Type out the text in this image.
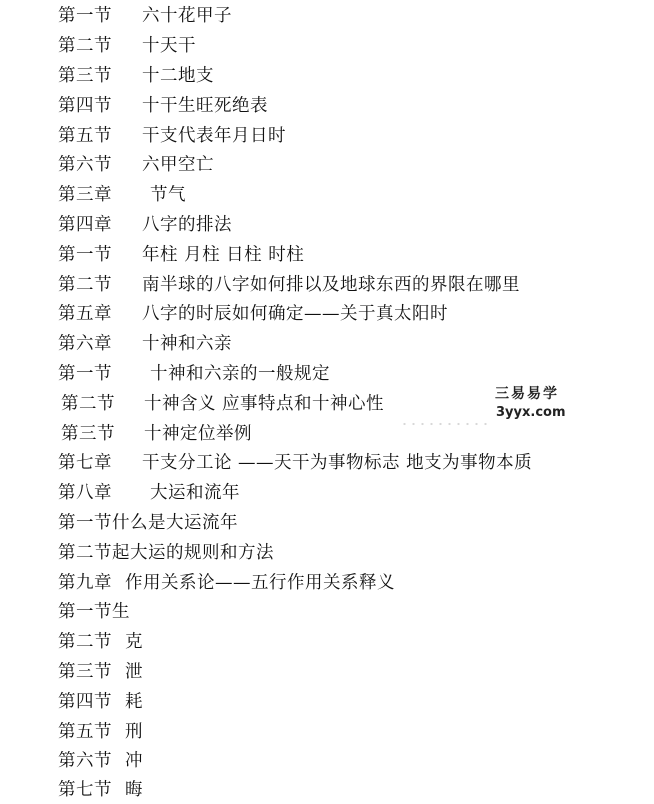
第一节 六十花甲子
第二节 十天干
第三节 十二地支
第四节 十干生旺死绝表
第五节 干支代表年月日时
第六节 六甲空亡
第三章 节气
第四章 八字的排法
第一节 年柱 月柱 日柱 时柱
第二节 南半球的八字如何排以及地球东西的界限在哪里
第五章 八字的时辰如何确定——关于真太阳时
第六章 十神和六亲
第一节 十神和六亲的一般规定
第二节 十神含义 应事特点和十神心性
第三节 十神定位举例
第七章 干支分工论 ——天干为事物标志 地支为事物本质
第八章 大运和流年
第一节什么是大运流年
第二节起大运的规则和方法
第九章 作用关系论——五行作用关系释义
第一节生
第二节 克
第三节 泄
第四节 耗
第五节 刑
第六节 冲
第七节 晦
三易易学
3yyx.com
